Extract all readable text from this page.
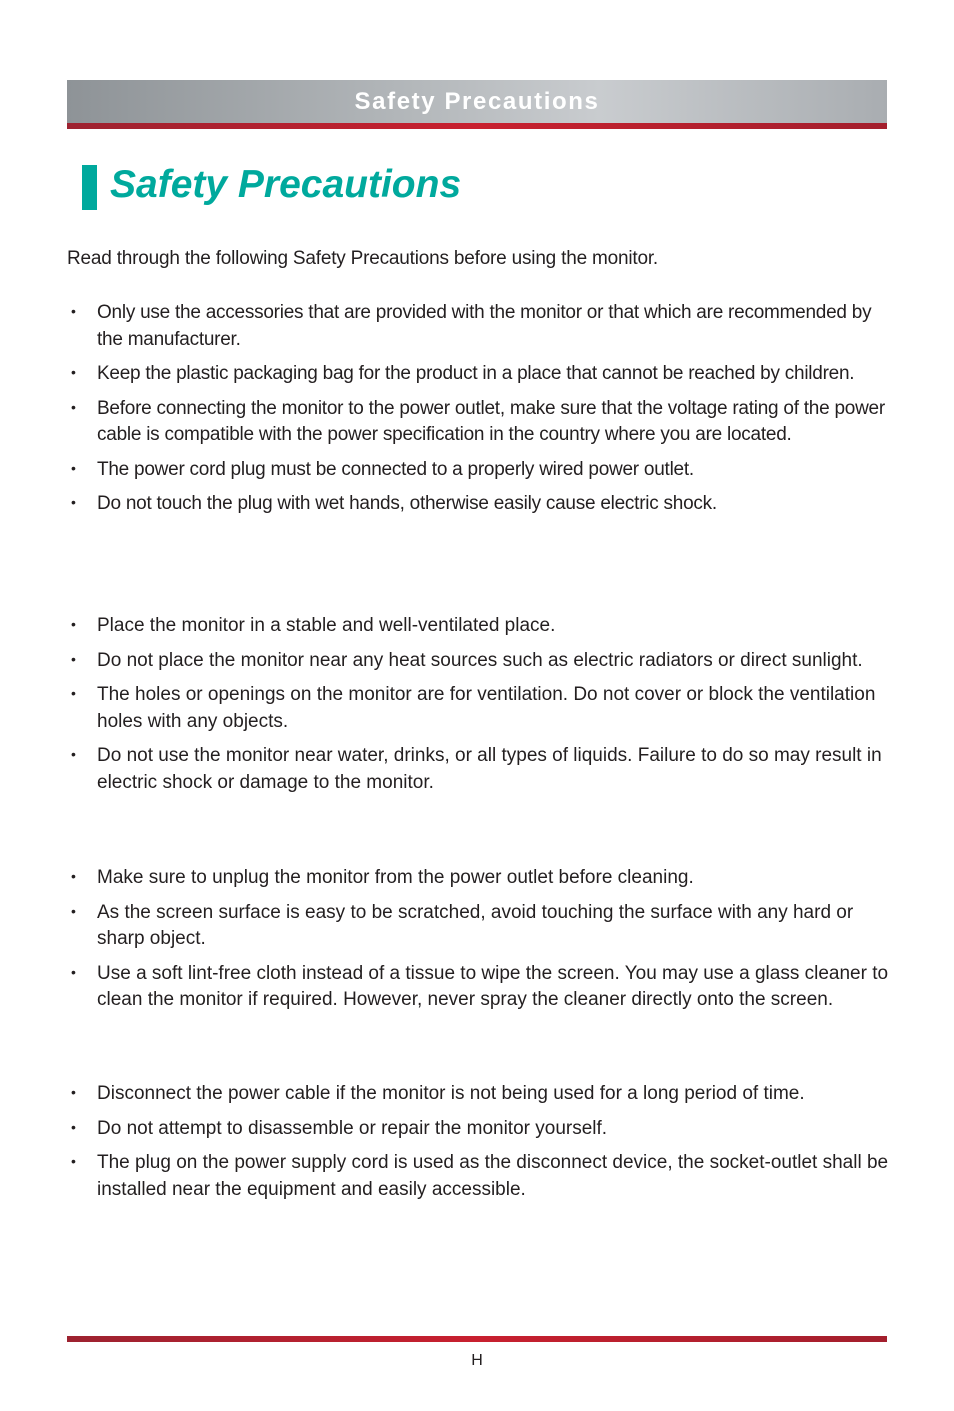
Safety Precautions
Safety Precautions

Read through the following Safety Precautions before using the monitor.

• Only use the accessories that are provided with the monitor or that which are recommended by the manufacturer.
• Keep the plastic packaging bag for the product in a place that cannot be reached by children.
• Before connecting the monitor to the power outlet, make sure that the voltage rating of the power cable is compatible with the power specification in the country where you are located.
• The power cord plug must be connected to a properly wired power outlet.
• Do not touch the plug with wet hands, otherwise easily cause electric shock.
• Place the monitor in a stable and well-ventilated place.
• Do not place the monitor near any heat sources such as electric radiators or direct sunlight.
• The holes or openings on the monitor are for ventilation. Do not cover or block the ventilation holes with any objects.
• Do not use the monitor near water, drinks, or all types of liquids. Failure to do so may result in electric shock or damage to the monitor.
• Make sure to unplug the monitor from the power outlet before cleaning.
• As the screen surface is easy to be scratched, avoid touching the surface with any hard or sharp object.
• Use a soft lint-free cloth instead of a tissue to wipe the screen. You may use a glass cleaner to clean the monitor if required. However, never spray the cleaner directly onto the screen.
• Disconnect the power cable if the monitor is not being used for a long period of time.
• Do not attempt to disassemble or repair the monitor yourself.
• The plug on the power supply cord is used as the disconnect device, the socket-outlet shall be installed near the equipment and easily accessible.
H
